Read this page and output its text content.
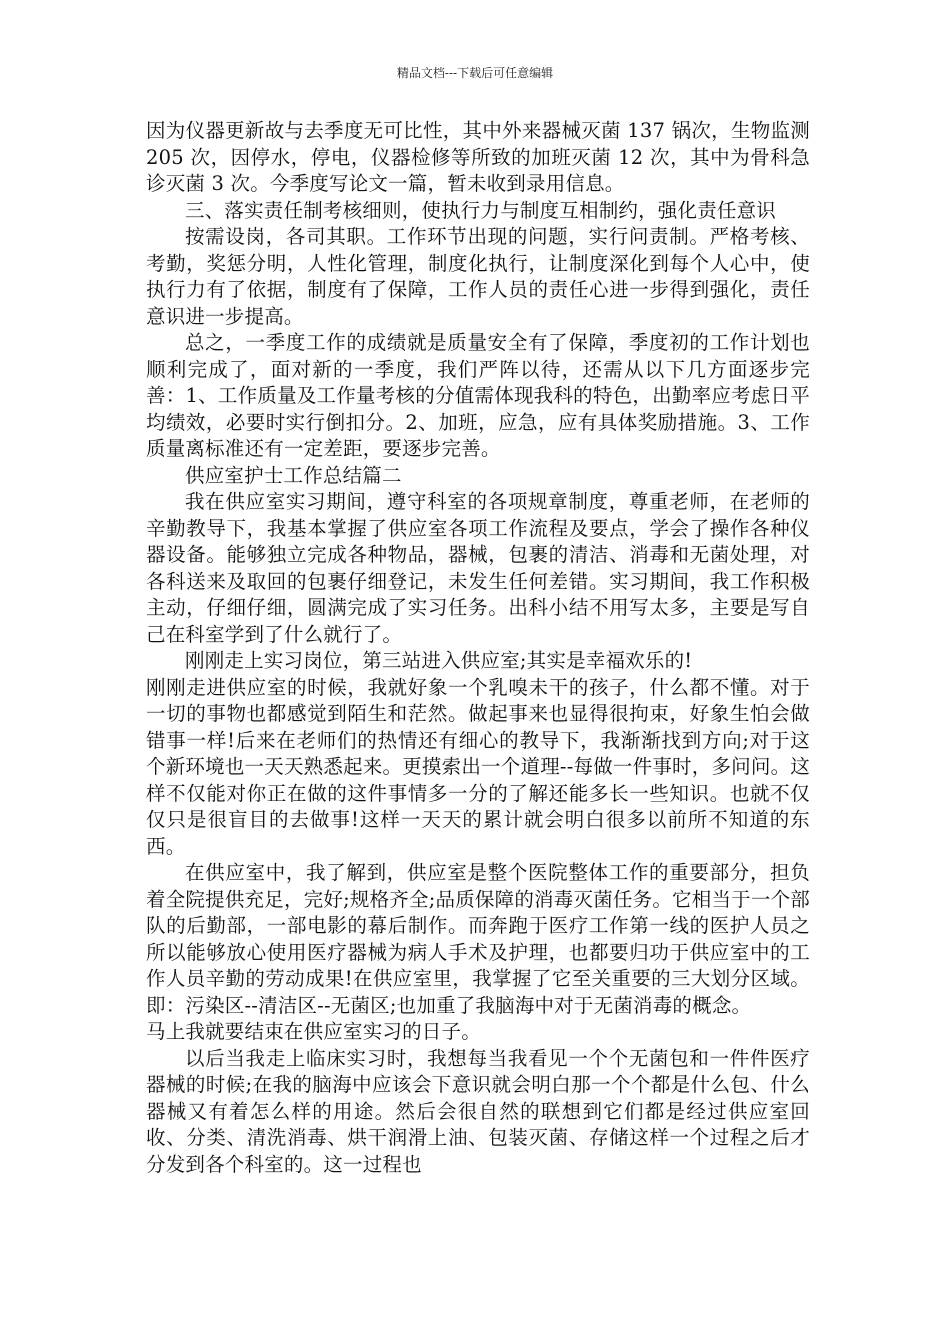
精品文档---下载后可任意编辑

因为仪器更新故与去季度无可比性，其中外来器械灭菌 137 锅次，生物监测 205 次，因停水，停电，仪器检修等所致的加班灭菌 12 次，其中为骨科急诊灭菌 3 次。今季度写论文一篇，暂未收到录用信息。

三、落实责任制考核细则，使执行力与制度互相制约，强化责任意识

按需设岗，各司其职。工作环节出现的问题，实行问责制。严格考核、考勤，奖惩分明，人性化管理，制度化执行，让制度深化到每个人心中，使执行力有了依据，制度有了保障，工作人员的责任心进一步得到强化，责任意识进一步提高。

总之，一季度工作的成绩就是质量安全有了保障，季度初的工作计划也顺利完成了，面对新的一季度，我们严阵以待，还需从以下几方面逐步完善：1、工作质量及工作量考核的分值需体现我科的特色，出勤率应考虑日平均绩效，必要时实行倒扣分。2、加班，应急，应有具体奖励措施。3、工作质量离标准还有一定差距，要逐步完善。

供应室护士工作总结篇二

我在供应室实习期间，遵守科室的各项规章制度，尊重老师，在老师的辛勤教导下，我基本掌握了供应室各项工作流程及要点，学会了操作各种仪器设备。能够独立完成各种物品，器械，包裹的清洁、消毒和无菌处理，对各科送来及取回的包裹仔细登记，未发生任何差错。实习期间，我工作积极主动，仔细仔细，圆满完成了实习任务。出科小结不用写太多，主要是写自己在科室学到了什么就行了。

刚刚走上实习岗位，第三站进入供应室;其实是幸福欢乐的!

刚刚走进供应室的时候，我就好象一个乳嗅未干的孩子，什么都不懂。对于一切的事物也都感觉到陌生和茫然。做起事来也显得很拘束，好象生怕会做错事一样!后来在老师们的热情还有细心的教导下，我渐渐找到方向;对于这个新环境也一天天熟悉起来。更摸索出一个道理--每做一件事时，多问问。这样不仅能对你正在做的这件事情多一分的了解还能多长一些知识。也就不仅仅只是很盲目的去做事!这样一天天的累计就会明白很多以前所不知道的东西。

在供应室中，我了解到，供应室是整个医院整体工作的重要部分，担负着全院提供充足，完好;规格齐全;品质保障的消毒灭菌任务。它相当于一个部队的后勤部，一部电影的幕后制作。而奔跑于医疗工作第一线的医护人员之所以能够放心使用医疗器械为病人手术及护理，也都要归功于供应室中的工作人员辛勤的劳动成果!在供应室里，我掌握了它至关重要的三大划分区域。即：污染区--清洁区--无菌区;也加重了我脑海中对于无菌消毒的概念。

马上我就要结束在供应室实习的日子。

以后当我走上临床实习时，我想每当我看见一个个无菌包和一件件医疗器械的时候;在我的脑海中应该会下意识就会明白那一个个都是什么包、什么器械又有着怎么样的用途。然后会很自然的联想到它们都是经过供应室回收、分类、清洗消毒、烘干润滑上油、包装灭菌、存储这样一个过程之后才分发到各个科室的。这一过程也
